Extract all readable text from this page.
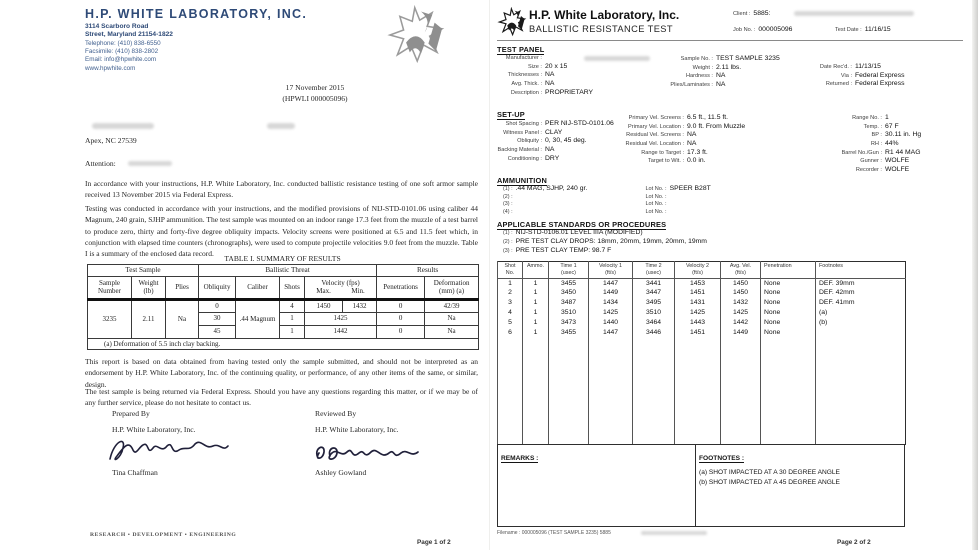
H.P. WHITE LABORATORY, INC.
3114 Scarboro Road
Street, Maryland 21154-1822
Telephone: (410) 838-6550
Facsimile: (410) 838-2802
Email: info@hpwhite.com
www.hpwhite.com
17 November 2015
(HPWLI 000005096)
Apex, NC 27539
Attention:
In accordance with your instructions, H.P. White Laboratory, Inc. conducted ballistic resistance testing of one soft armor sample received 13 November 2015 via Federal Express.
Testing was conducted in accordance with your instructions, and the modified provisions of NIJ-STD-0101.06 using caliber 44 Magnum, 240 grain, SJHP ammunition. The test sample was mounted on an indoor range 17.3 feet from the muzzle of a test barrel to produce zero, thirty and forty-five degree obliquity impacts. Velocity screens were positioned at 6.5 and 11.5 feet which, in conjunction with elapsed time counters (chronographs), were used to compute projectile velocities 9.0 feet from the muzzle. Table I is a summary of the enclosed data record.
TABLE I. SUMMARY OF RESULTS
Test Sample			Ballistic Threat					Results	

Sample
Number

Weight
(lb)
	Plies	Obliquity	Caliber	Shots	
Velocity (fps)
Max.	Min.
	Penetrations	
Deformation
(mm) (a)

3235	2.11	Na	0	.44 Magnum	4	1450	1432	0	42/39
			30		1	1425		0	Na
			45		1	1442		0	Na
(a) Deformation of 5.5 inch clay backing.									
This report is based on data obtained from having tested only the sample submitted, and should not be interpreted as an endorsement by H.P. White Laboratory, Inc. of the continuing quality, or performance, of any other items of the same, or similar, design.
The test sample is being returned via Federal Express. Should you have any questions regarding this matter, or if we may be of any further service, please do not hesitate to contact us.
Prepared By	Reviewed By
H.P. White Laboratory, Inc.	H.P. White Laboratory, Inc.
Tina Chaffman	Ashley Gowland
RESEARCH • DEVELOPMENT • ENGINEERING
Page 1 of 2
H.P. White Laboratory, Inc.
BALLISTIC RESISTANCE TEST
Client : 5885:
Job No. : 000005096	Test Date : 11/16/15
TEST PANEL
Manufacturer :
Size : 20 x 15
Thicknesses : NA
Avg. Thick. : NA
Description : PROPRIETARY
Sample No. : TEST SAMPLE 3235
Weight : 2.11 lbs.
Hardness : NA
Plies/Laminates : NA
Date Rec'd. : 11/13/15
Via : Federal Express
Returned : Federal Express
SET-UP
Shot Spacing : PER NIJ-STD-0101.06
Witness Panel : CLAY
Obliquity : 0, 30, 45 deg.
Backing Material : NA
Conditioning : DRY
Primary Vel. Screens : 6.5 ft., 11.5 ft.
Primary Vel. Location : 9.0 ft. From Muzzle
Residual Vel. Screens : NA
Residual Vel. Location : NA
Range to Target : 17.3 ft.
Target to Wit. : 0.0 in.
Range No. : 1
Temp. : 67 F
BP : 30.11 in. Hg
RH : 44%
Barrel No./Gun : R1 44 MAG
Gunner : WOLFE
Recorder : WOLFE
AMMUNITION
(1) : .44 MAG, SJHP, 240 gr.	Lot No. : SPEER B28T
(2) :	Lot No. :
(3) :	Lot No. :
(4) :	Lot No. :
APPLICABLE STANDARDS OR PROCEDURES
(1) : NIJ-STD-0106.01 LEVEL IIIA (MODIFIED)
(2) : PRE TEST CLAY DROPS: 18mm, 20mm, 19mm, 20mm, 19mm
(3) : PRE TEST CLAY TEMP: 98.7 F
Shot
No.

Ammo.	Time 1
(usec)

Velocity 1
(ft/s)

Time 2
(usec)

Velocity 2
(ft/s)

Avg. Vel.
(ft/s)

Penetration	Footnotes

1	1	3455	1447	3441	1453	1450	None	DEF. 39mm
2	1	3450	1449	3447	1451	1450	None	DEF. 42mm
3	1	3487	1434	3495	1431	1432	None	DEF. 41mm
4	1	3510	1425	3510	1425	1425	None	(a)
5	1	3473	1440	3464	1443	1442	None	(b)
6	1	3455	1447	3446	1451	1449	None	

REMARKS :	FOOTNOTES :
(a) SHOT IMPACTED AT A 30 DEGREE ANGLE
(b) SHOT IMPACTED AT A 45 DEGREE ANGLE
Filename : 000005096 (TEST SAMPLE 3235) 5885
Page 2 of 2
